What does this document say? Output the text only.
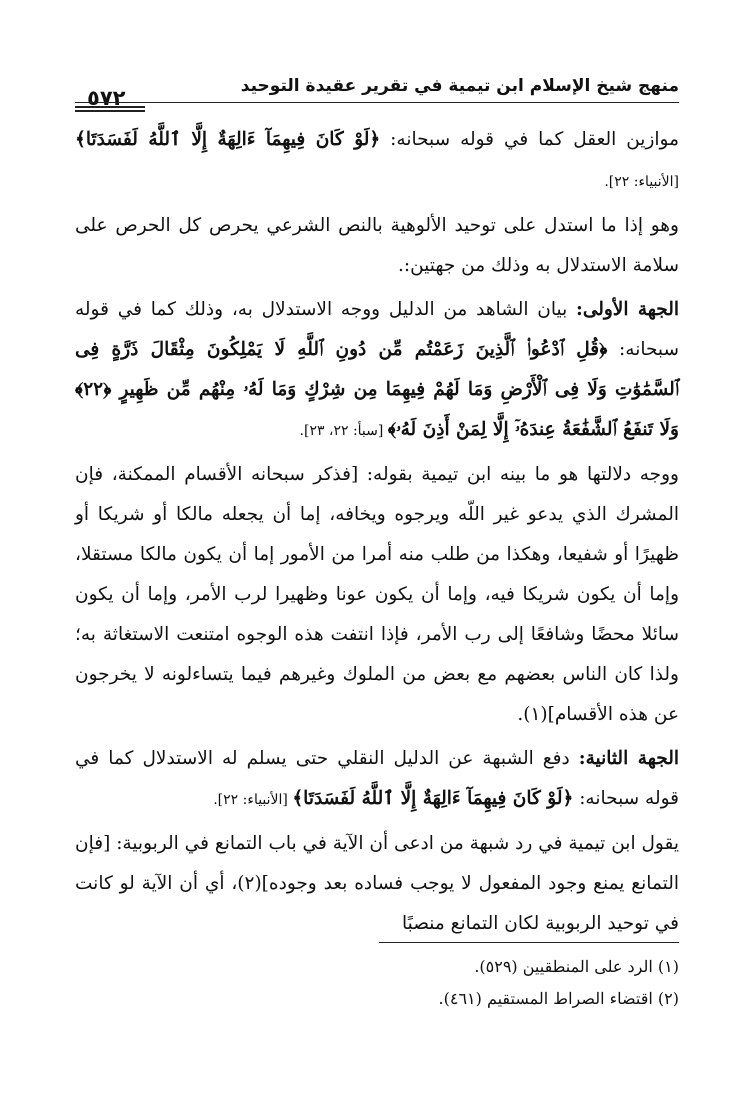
منهج شيخ الإسلام ابن تيمية في تقرير عقيدة التوحيد
٥٧٢

موازين العقل كما في قوله سبحانه: ﴿لَوْ كَانَ فِيهِمَآ ءَالِهَةٌ إِلَّا ٱللَّهُ لَفَسَدَتَا﴾ [الأنبياء: ٢٢].

وهو إذا ما استدل على توحيد الألوهية بالنص الشرعي يحرص كل الحرص على سلامة الاستدلال به وذلك من جهتين:.

الجهة الأولى: بيان الشاهد من الدليل ووجه الاستدلال به، وذلك كما في قوله سبحانه: ﴿قُلِ ٱدْعُوا۟ ٱلَّذِينَ زَعَمْتُم مِّن دُونِ ٱللَّهِ لَا يَمْلِكُونَ مِثْقَالَ ذَرَّةٍ فِى ٱلسَّمَٰوَٰتِ وَلَا فِى ٱلْأَرْضِ وَمَا لَهُمْ فِيهِمَا مِن شِرْكٍ وَمَا لَهُۥ مِنْهُم مِّن ظَهِيرٍ ﴿٢٢﴾ وَلَا تَنفَعُ ٱلشَّفَٰعَةُ عِندَهُۥٓ إِلَّا لِمَنْ أَذِنَ لَهُۥ﴾ [سبأ: ٢٢، ٢٣].

ووجه دلالتها هو ما بينه ابن تيمية بقوله: [فذكر سبحانه الأقسام الممكنة، فإن المشرك الذي يدعو غير اللّه ويرجوه ويخافه، إما أن يجعله مالكا أو شريكا أو ظهيرًا أو شفيعا، وهكذا من طلب منه أمرا من الأمور إما أن يكون مالكا مستقلا، وإما أن يكون شريكا فيه، وإما أن يكون عونا وظهيرا لرب الأمر، وإما أن يكون سائلا محضًا وشافعًا إلى رب الأمر، فإذا انتفت هذه الوجوه امتنعت الاستغاثة به؛ ولذا كان الناس بعضهم مع بعض من الملوك وغيرهم فيما يتساءلونه لا يخرجون عن هذه الأقسام](١).

الجهة الثانية: دفع الشبهة عن الدليل النقلي حتى يسلم له الاستدلال كما في قوله سبحانه: ﴿لَوْ كَانَ فِيهِمَآ ءَالِهَةٌ إِلَّا ٱللَّهُ لَفَسَدَتَا﴾ [الأنبياء: ٢٢].

يقول ابن تيمية في رد شبهة من ادعى أن الآية في باب التمانع في الربوبية: [فإن التمانع يمنع وجود المفعول لا يوجب فساده بعد وجوده](٢)، أي أن الآية لو كانت في توحيد الربوبية لكان التمانع منصبًا

(١) الرد على المنطقيين (٥٢٩).

(٢) اقتضاء الصراط المستقيم (٤٦١).
